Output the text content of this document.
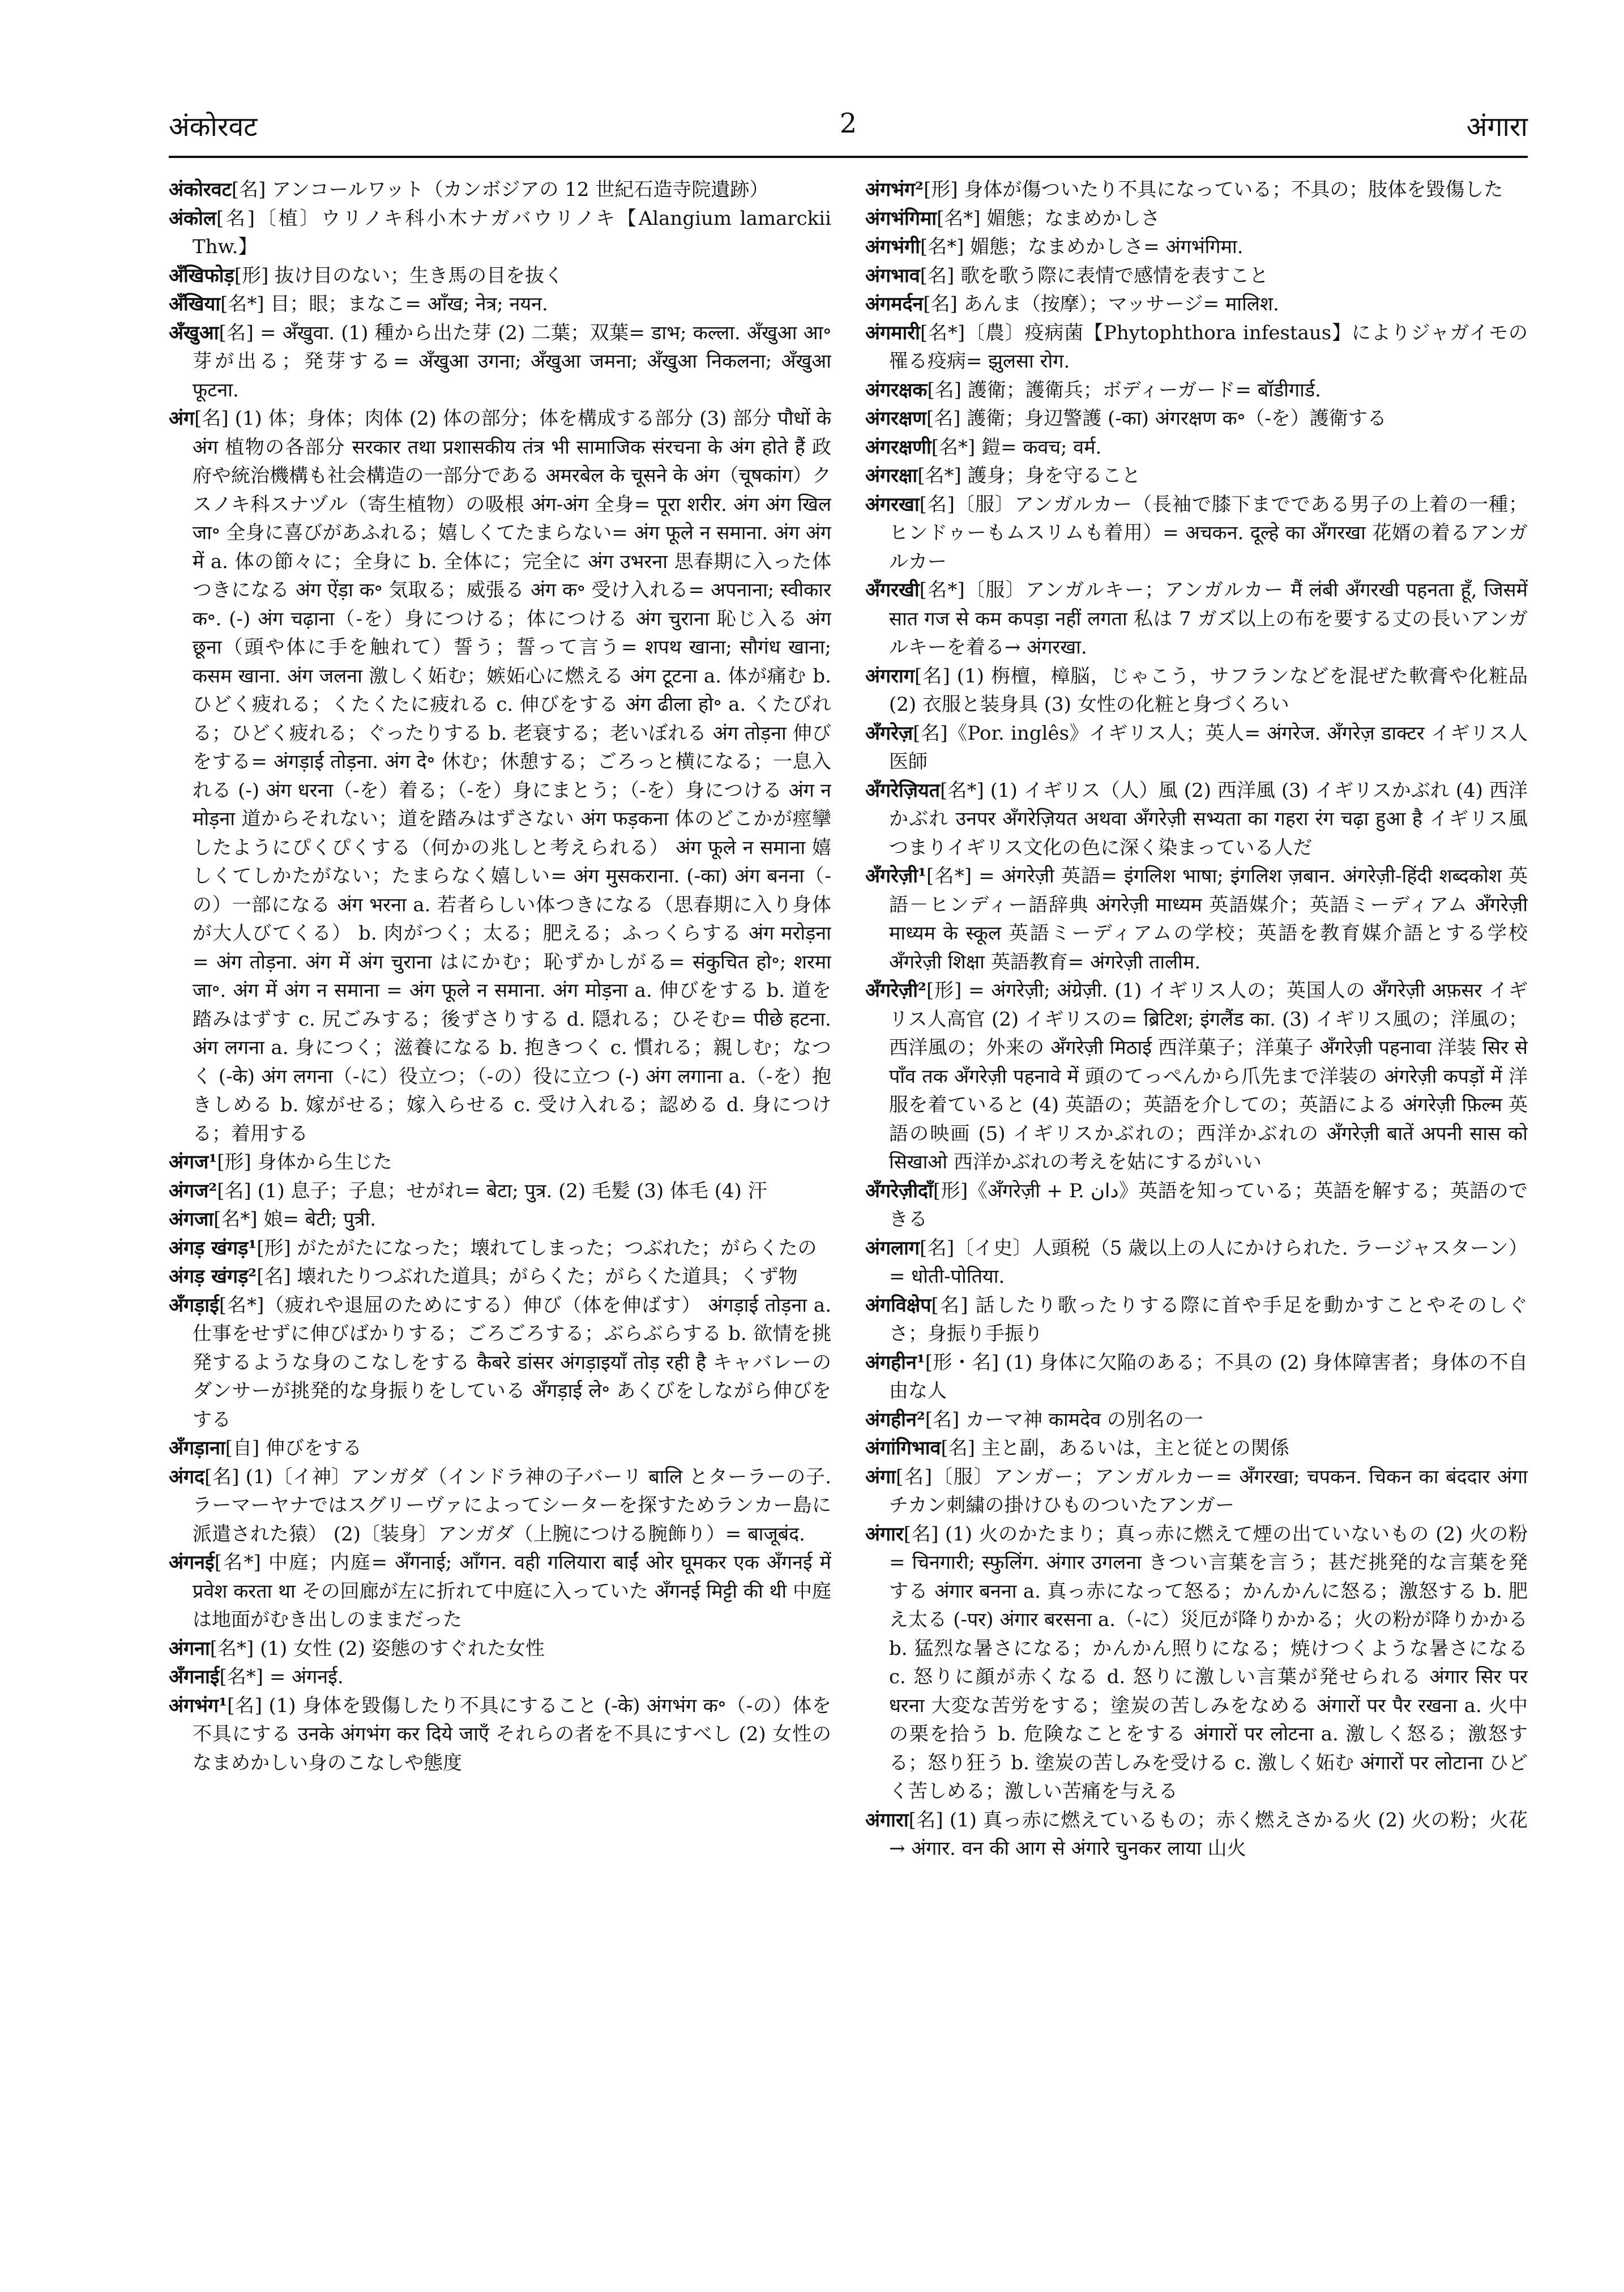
अंकोरवट	2	अंगारा
अंकोरवट[名] アンコールワット（カンボジアの 12 世紀石造寺院遺跡）
अंकोल[名]〔植〕ウリノキ科小木ナガバウリノキ【Alangium lamarckii Thw.】
अँखिफोड़[形] 抜け目のない；生き馬の目を抜く
अँखिया[名*] 目；眼；まなこ= आँख; नेत्र; नयन.
अँखुआ[名] = अँखुवा. (1) 種から出た芽 (2) 二葉；双葉= डाभ; कल्ला. अँखुआ आ॰ 芽が出る；発芽する= अँखुआ उगना; अँखुआ जमना; अँखुआ निकलना; अँखुआ फूटना.
अंग[名] (1) 体；身体；肉体 (2) 体の部分；体を構成する部分 (3) 部分 पौधों के अंग 植物の各部分 सरकार तथा प्रशासकीय तंत्र भी सामाजिक संरचना के अंग होते हैं 政府や統治機構も社会構造の一部分である अमरबेल के चूसने के अंग（चूषकांग）クスノキ科スナヅル（寄生植物）の吸根 अंग-अंग 全身= पूरा शरीर. अंग अंग खिल जा॰ 全身に喜びがあふれる；嬉しくてたまらない= अंग फूले न समाना. अंग अंग में a. 体の節々に；全身に b. 全体に；完全に अंग उभरना 思春期に入った体つきになる अंग ऐंड़ा क॰ 気取る；威張る अंग क॰ 受け入れる= अपनाना; स्वीकार क॰. (-) अंग चढ़ाना（-を）身につける；体につける अंग चुराना 恥じ入る अंग छूना（頭や体に手を触れて）誓う；誓って言う= शपथ खाना; सौगंध खाना; कसम खाना. अंग जलना 激しく妬む；嫉妬心に燃える अंग टूटना a. 体が痛む b. ひどく疲れる；くたくたに疲れる c. 伸びをする अंग ढीला हो॰ a. くたびれる；ひどく疲れる；ぐったりする b. 老衰する；老いぼれる अंग तोड़ना 伸びをする= अंगड़ाई तोड़ना. अंग दे॰ 休む；休憩する；ごろっと横になる；一息入れる (-) अंग धरना（-を）着る；（-を）身にまとう；（-を）身につける अंग न मोड़ना 道からそれない；道を踏みはずさない अंग फड़कना 体のどこかが痙攣したようにぴくぴくする（何かの兆しと考えられる） अंग फूले न समाना 嬉しくてしかたがない；たまらなく嬉しい= अंग मुसकराना. (-का) अंग बनना（-の）一部になる अंग भरना a. 若者らしい体つきになる（思春期に入り身体が大人びてくる） b. 肉がつく；太る；肥える；ふっくらする अंग मरोड़ना = अंग तोड़ना. अंग में अंग चुराना はにかむ；恥ずかしがる= संकुचित हो॰; शरमा जा॰. अंग में अंग न समाना = अंग फूले न समाना. अंग मोड़ना a. 伸びをする b. 道を踏みはずす c. 尻ごみする；後ずさりする d. 隠れる；ひそむ= पीछे हटना. अंग लगना a. 身につく；滋養になる b. 抱きつく c. 慣れる；親しむ；なつく (-के) अंग लगना（-に）役立つ；（-の）役に立つ (-) अंग लगाना a.（-を）抱きしめる b. 嫁がせる；嫁入らせる c. 受け入れる；認める d. 身につける；着用する
अंगज¹[形] 身体から生じた
अंगज²[名] (1) 息子；子息；せがれ= बेटा; पुत्र. (2) 毛髪 (3) 体毛 (4) 汗
अंगजा[名*] 娘= बेटी; पुत्री.
अंगड़ खंगड़¹[形] がたがたになった；壊れてしまった；つぶれた；がらくたの
अंगड़ खंगड़²[名] 壊れたりつぶれた道具；がらくた；がらくた道具；くず物
अँगड़ाई[名*]（疲れや退屈のためにする）伸び（体を伸ばす） अंगड़ाई तोड़ना a. 仕事をせずに伸びばかりする；ごろごろする；ぶらぶらする b. 欲情を挑発するような身のこなしをする कैबरे डांसर अंगड़ाइयाँ तोड़ रही है キャバレーのダンサーが挑発的な身振りをしている अँगड़ाई ले॰ あくびをしながら伸びをする
अँगड़ाना[自] 伸びをする
अंगद[名] (1)〔イ神〕アンガダ（インドラ神の子バーリ बालि とターラーの子. ラーマーヤナではスグリーヴァによってシーターを探すためランカー島に派遣された猿） (2)〔装身〕アンガダ（上腕につける腕飾り）= बाजूबंद.
अंगनई[名*] 中庭；内庭= अँगनाई; आँगन. वही गलियारा बाईं ओर घूमकर एक अँगनई में प्रवेश करता था その回廊が左に折れて中庭に入っていた अँगनई मिट्टी की थी 中庭は地面がむき出しのままだった
अंगना[名*] (1) 女性 (2) 姿態のすぐれた女性
अँगनाई[名*] = अंगनई.
अंगभंग¹[名] (1) 身体を毀傷したり不具にすること (-के) अंगभंग क॰（-の）体を不具にする उनके अंगभंग कर दिये जाएँ それらの者を不具にすべし (2) 女性のなまめかしい身のこなしや態度
अंगभंग²[形] 身体が傷ついたり不具になっている；不具の；肢体を毀傷した
अंगभंगिमा[名*] 媚態；なまめかしさ
अंगभंगी[名*] 媚態；なまめかしさ= अंगभंगिमा.
अंगभाव[名] 歌を歌う際に表情で感情を表すこと
अंगमर्दन[名] あんま（按摩）；マッサージ= मालिश.
अंगमारी[名*]〔農〕疫病菌【Phytophthora infestaus】によりジャガイモの罹る疫病= झुलसा रोग.
अंगरक्षक[名] 護衛；護衛兵；ボディーガード= बॉडीगार्ड.
अंगरक्षण[名] 護衛；身辺警護 (-का) अंगरक्षण क॰（-を）護衛する
अंगरक्षणी[名*] 鎧= कवच; वर्म.
अंगरक्षा[名*] 護身；身を守ること
अंगरखा[名]〔服〕アンガルカー（長袖で膝下までである男子の上着の一種；ヒンドゥーもムスリムも着用）= अचकन. दूल्हे का अँगरखा 花婿の着るアンガルカー
अँगरखी[名*]〔服〕アンガルキー；アンガルカー मैं लंबी अँगरखी पहनता हूँ, जिसमें सात गज से कम कपड़ा नहीं लगता 私は 7 ガズ以上の布を要する丈の長いアンガルキーを着る→ अंगरखा.
अंगराग[名] (1) 栴檀，樟脳，じゃこう，サフランなどを混ぜた軟膏や化粧品 (2) 衣服と装身具 (3) 女性の化粧と身づくろい
अँगरेज़[名]《Por. inglês》イギリス人；英人= अंगरेज. अँगरेज़ डाक्टर イギリス人医師
अँगरेज़ियत[名*] (1) イギリス（人）風 (2) 西洋風 (3) イギリスかぶれ (4) 西洋かぶれ उनपर अँगरेज़ियत अथवा अँगरेज़ी सभ्यता का गहरा रंग चढ़ा हुआ है イギリス風つまりイギリス文化の色に深く染まっている人だ
अँगरेज़ी¹[名*] = अंगरेज़ी 英語= इंगलिश भाषा; इंगलिश ज़बान. अंगरेज़ी-हिंदी शब्दकोश 英語－ヒンディー語辞典 अंगरेज़ी माध्यम 英語媒介；英語ミーディアム अँगरेज़ी माध्यम के स्कूल 英語ミーディアムの学校；英語を教育媒介語とする学校 अँगरेज़ी शिक्षा 英語教育= अंगरेज़ी तालीम.
अँगरेज़ी²[形] = अंगरेज़ी; अंग्रेज़ी. (1) イギリス人の；英国人の अँगरेज़ी अफ़सर イギリス人高官 (2) イギリスの= ब्रिटिश; इंगलैंड का. (3) イギリス風の；洋風の；西洋風の；外来の अँगरेज़ी मिठाई 西洋菓子；洋菓子 अँगरेज़ी पहनावा 洋装 सिर से पाँव तक अँगरेज़ी पहनावे में 頭のてっぺんから爪先まで洋装の अंगरेज़ी कपड़ों में 洋服を着ていると (4) 英語の；英語を介しての；英語による अंगरेज़ी फ़िल्म 英語の映画 (5) イギリスかぶれの；西洋かぶれの अँगरेज़ी बातें अपनी सास को सिखाओ 西洋かぶれの考えを姑にするがいい
अँगरेज़ीदाँ[形]《अँगरेज़ी + P. دان》英語を知っている；英語を解する；英語のできる
अंगलाग[名]〔イ史〕人頭税（5 歳以上の人にかけられた. ラージャスターン）= धोती-पोतिया.
अंगविक्षेप[名] 話したり歌ったりする際に首や手足を動かすことやそのしぐさ；身振り手振り
अंगहीन¹[形・名] (1) 身体に欠陥のある；不具の (2) 身体障害者；身体の不自由な人
अंगहीन²[名] カーマ神 कामदेव の別名の一
अंगांगिभाव[名] 主と副，あるいは，主と従との関係
अंगा[名]〔服〕アンガー；アンガルカー= अँगरखा; चपकन. चिकन का बंददार अंगा チカン刺繍の掛けひものついたアンガー
अंगार[名] (1) 火のかたまり；真っ赤に燃えて煙の出ていないもの (2) 火の粉= चिनगारी; स्फुलिंग. अंगार उगलना きつい言葉を言う；甚だ挑発的な言葉を発する अंगार बनना a. 真っ赤になって怒る；かんかんに怒る；激怒する b. 肥え太る (-पर) अंगार बरसना a.（-に）災厄が降りかかる；火の粉が降りかかる b. 猛烈な暑さになる；かんかん照りになる；焼けつくような暑さになる c. 怒りに顔が赤くなる d. 怒りに激しい言葉が発せられる अंगार सिर पर धरना 大変な苦労をする；塗炭の苦しみをなめる अंगारों पर पैर रखना a. 火中の栗を拾う b. 危険なことをする अंगारों पर लोटना a. 激しく怒る；激怒する；怒り狂う b. 塗炭の苦しみを受ける c. 激しく妬む अंगारों पर लोटाना ひどく苦しめる；激しい苦痛を与える
अंगारा[名] (1) 真っ赤に燃えているもの；赤く燃えさかる火 (2) 火の粉；火花→ अंगार. वन की आग से अंगारे चुनकर लाया 山火
